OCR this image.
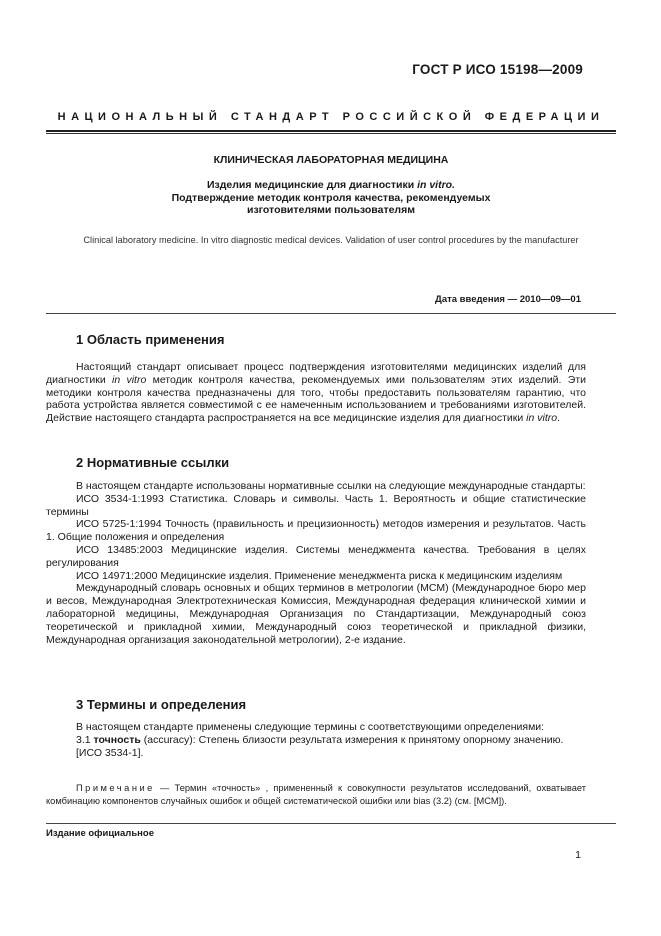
ГОСТ Р ИСО 15198—2009
НАЦИОНАЛЬНЫЙ СТАНДАРТ РОССИЙСКОЙ ФЕДЕРАЦИИ
КЛИНИЧЕСКАЯ ЛАБОРАТОРНАЯ МЕДИЦИНА
Изделия медицинские для диагностики in vitro.
Подтверждение методик контроля качества, рекомендуемых
изготовителями пользователям
Clinical laboratory medicine. In vitro diagnostic medical devices. Validation of user control procedures by the manufacturer
Дата введения — 2010—09—01
1 Область применения

Настоящий стандарт описывает процесс подтверждения изготовителями медицинских изделий для диагностики in vitro методик контроля качества, рекомендуемых ими пользователям этих изделий. Эти методики контроля качества предназначены для того, чтобы предоставить пользователям гарантию, что работа устройства является совместимой с ее намеченным использованием и требованиями изготовителей. Действие настоящего стандарта распространяется на все медицинские изделия для диагностики in vitro.

2 Нормативные ссылки

В настоящем стандарте использованы нормативные ссылки на следующие международные стандарты:

ИСО 3534-1:1993 Статистика. Словарь и символы. Часть 1. Вероятность и общие статистические термины

ИСО 5725-1:1994 Точность (правильность и прецизионность) методов измерения и результатов. Часть 1. Общие положения и определения

ИСО 13485:2003 Медицинские изделия. Системы менеджмента качества. Требования в целях регулирования

ИСО 14971:2000 Медицинские изделия. Применение менеджмента риска к медицинским изделиям

Международный словарь основных и общих терминов в метрологии (МСМ) (Международное бюро мер и весов, Международная Электротехническая Комиссия, Международная федерация клинической химии и лабораторной медицины, Международная Организация по Стандартизации, Международный союз теоретической и прикладной химии, Международный союз теоретической и прикладной физики, Международная организация законодательной метрологии), 2-е издание.

3 Термины и определения

В настоящем стандарте применены следующие термины с соответствующими определениями:

3.1 точность (accuracy): Степень близости результата измерения к принятому опорному значению.

[ИСО 3534-1].

Примечание — Термин «точность» , примененный к совокупности результатов исследований, охватывает комбинацию компонентов случайных ошибок и общей систематической ошибки или bias (3.2) (см. [МСМ]).
Издание официальное
1
